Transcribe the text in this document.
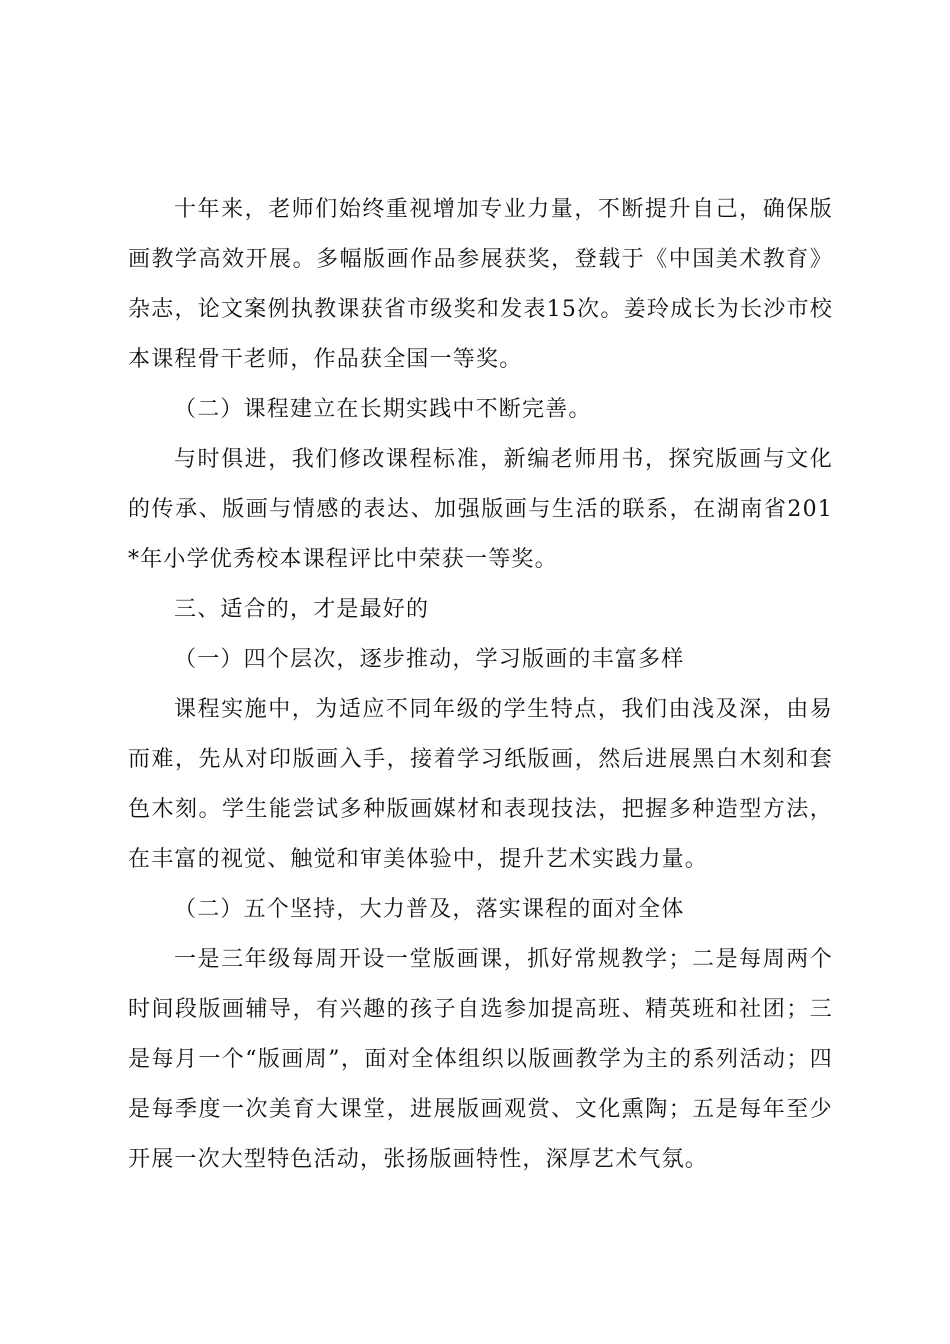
十年来，老师们始终重视增加专业力量，不断提升自己，确保版画教学高效开展。多幅版画作品参展获奖，登载于《中国美术教育》杂志，论文案例执教课获省市级奖和发表15次。姜玲成长为长沙市校本课程骨干老师，作品获全国一等奖。

（二）课程建立在长期实践中不断完善。

与时俱进，我们修改课程标准，新编老师用书，探究版画与文化的传承、版画与情感的表达、加强版画与生活的联系，在湖南省201*年小学优秀校本课程评比中荣获一等奖。

三、适合的，才是最好的

（一）四个层次，逐步推动，学习版画的丰富多样

课程实施中，为适应不同年级的学生特点，我们由浅及深，由易而难，先从对印版画入手，接着学习纸版画，然后进展黑白木刻和套色木刻。学生能尝试多种版画媒材和表现技法，把握多种造型方法，在丰富的视觉、触觉和审美体验中，提升艺术实践力量。

（二）五个坚持，大力普及，落实课程的面对全体

一是三年级每周开设一堂版画课，抓好常规教学；二是每周两个时间段版画辅导，有兴趣的孩子自选参加提高班、精英班和社团；三是每月一个“版画周”，面对全体组织以版画教学为主的系列活动；四是每季度一次美育大课堂，进展版画观赏、文化熏陶；五是每年至少开展一次大型特色活动，张扬版画特性，深厚艺术气氛。
